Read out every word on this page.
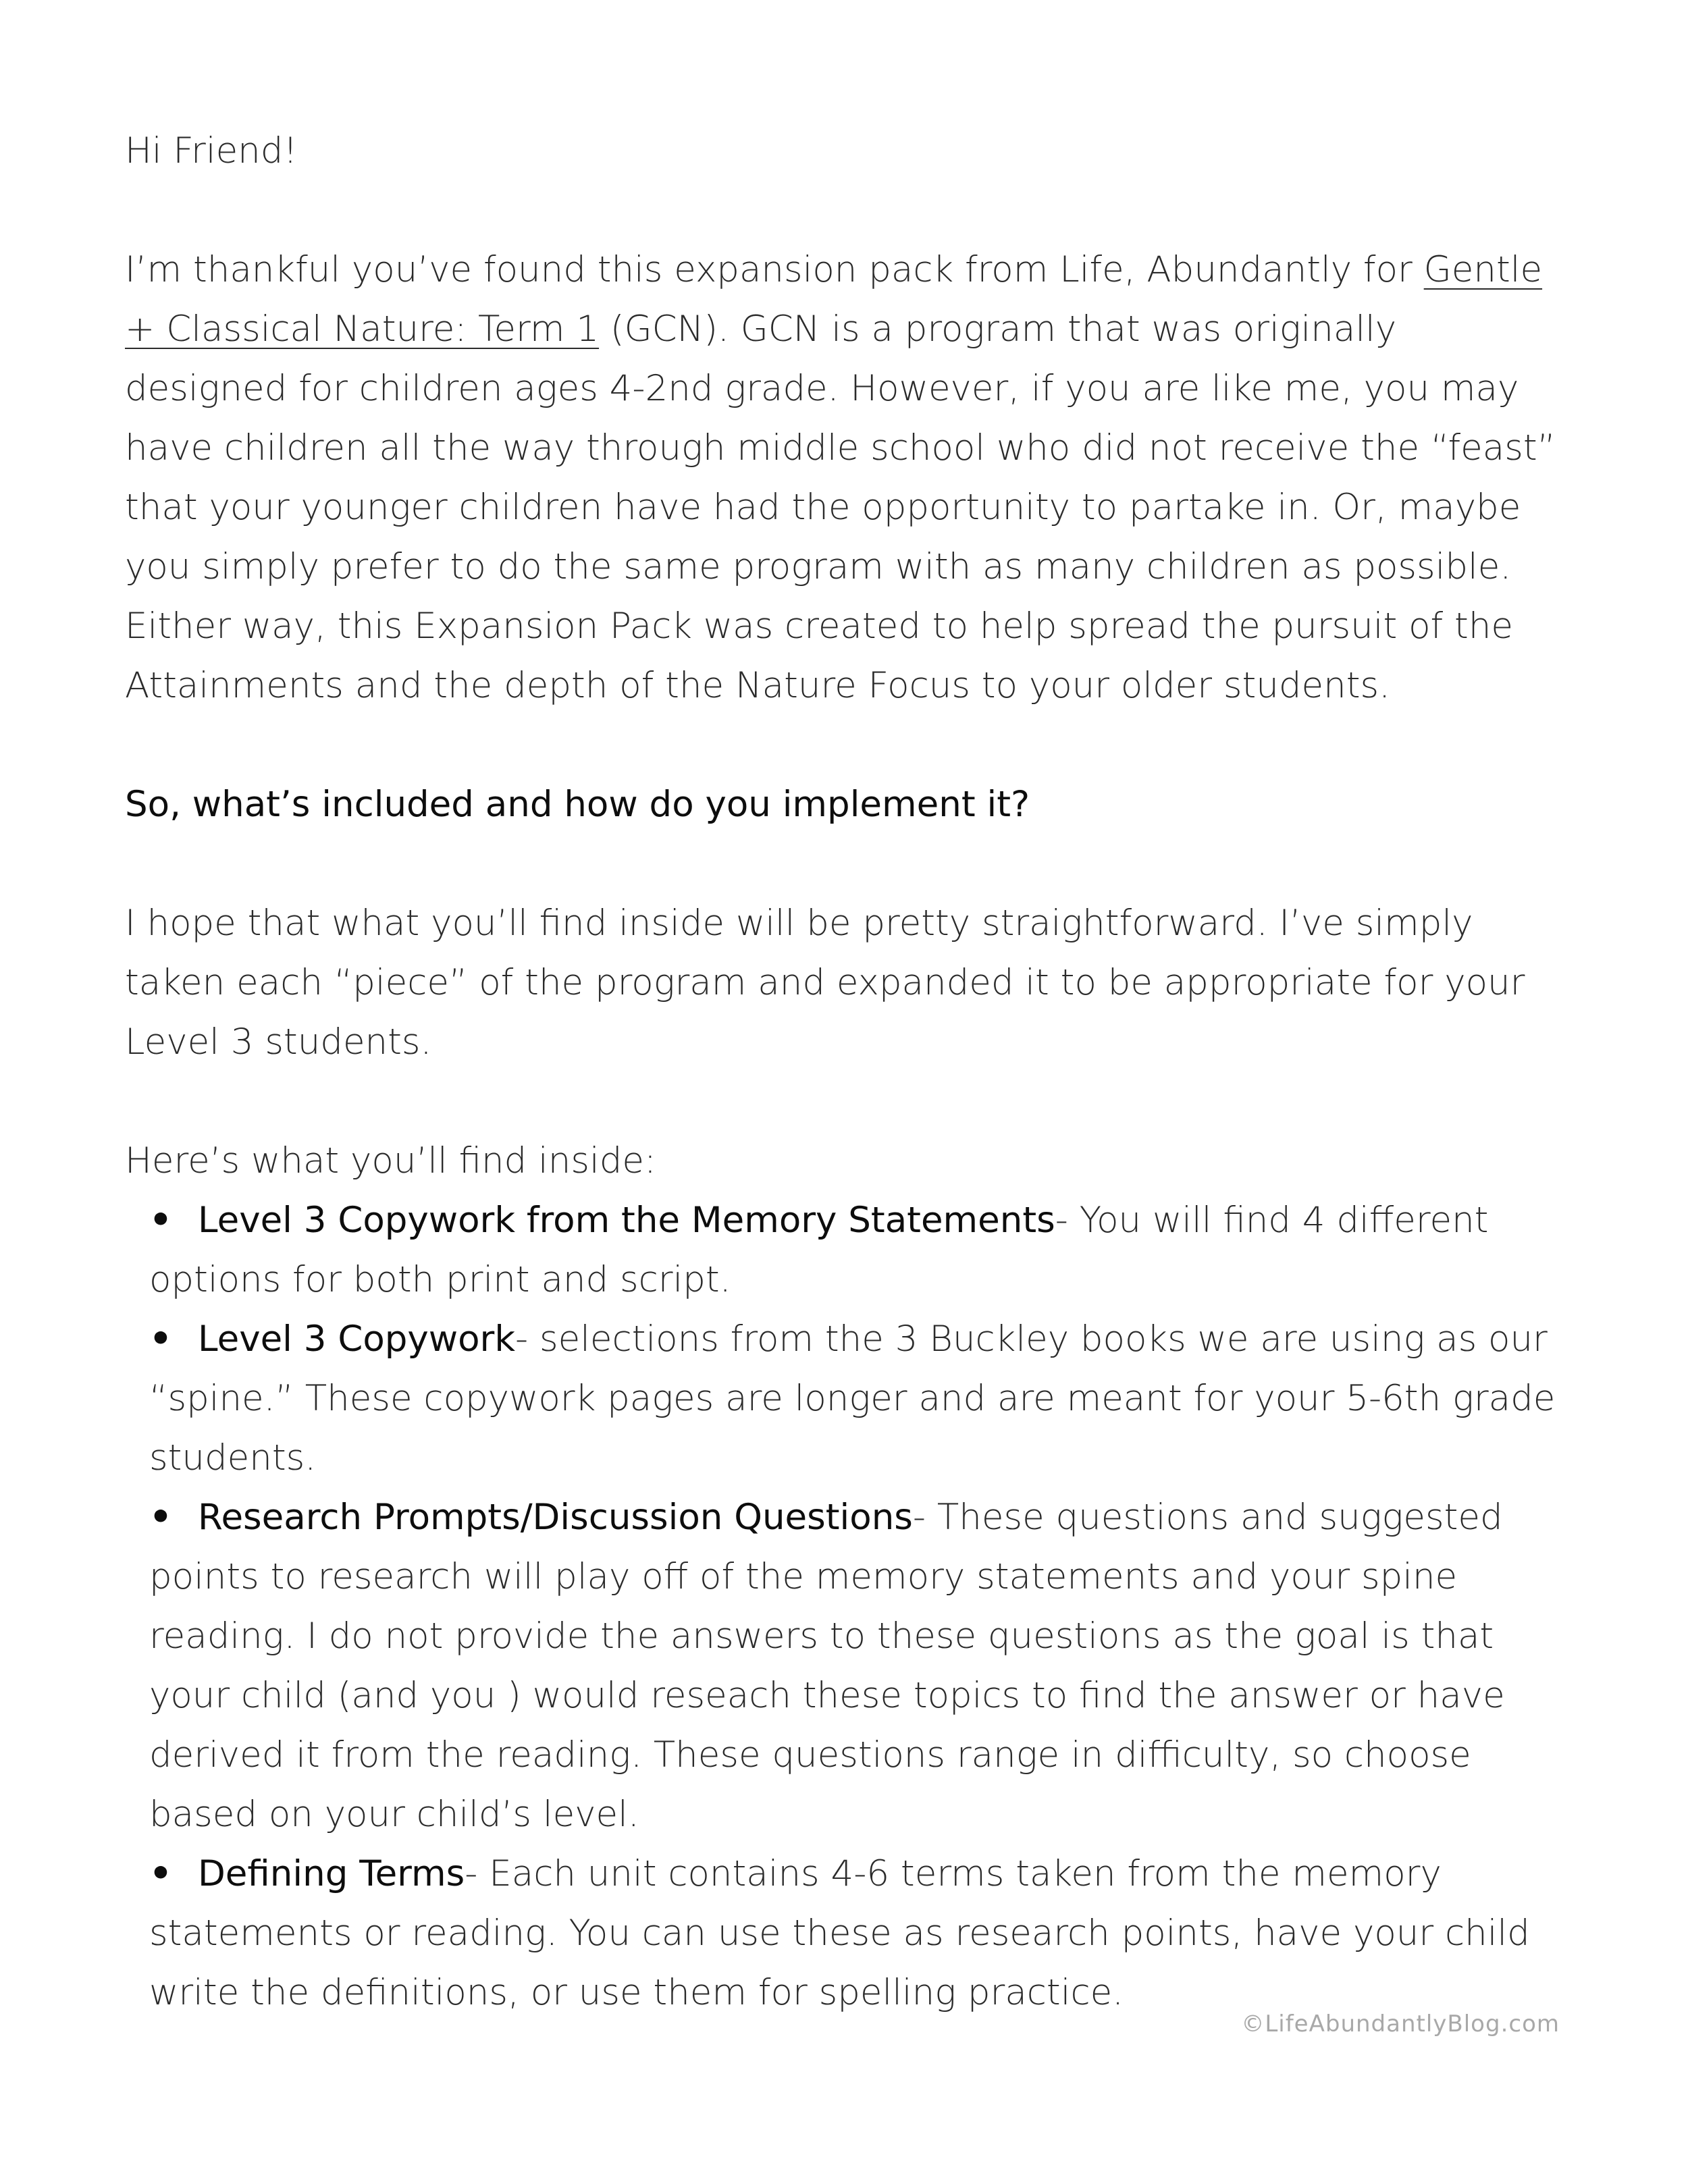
Hi Friend!

I’m thankful you’ve found this expansion pack from Life, Abundantly for Gentle + Classical Nature: Term 1 (GCN). GCN is a program that was originally designed for children ages 4-2nd grade. However, if you are like me, you may have children all the way through middle school who did not receive the “feast” that your younger children have had the opportunity to partake in. Or, maybe you simply prefer to do the same program with as many children as possible. Either way, this Expansion Pack was created to help spread the pursuit of the Attainments and the depth of the Nature Focus to your older students.

So, what’s included and how do you implement it?

I hope that what you’ll find inside will be pretty straightforward. I’ve simply taken each “piece” of the program and expanded it to be appropriate for your Level 3 students.

Here’s what you’ll find inside:

• Level 3 Copywork from the Memory Statements- You will find 4 different options for both print and script.
• Level 3 Copywork- selections from the 3 Buckley books we are using as our “spine.” These copywork pages are longer and are meant for your 5-6th grade students.
• Research Prompts/Discussion Questions- These questions and suggested points to research will play off of the memory statements and your spine reading. I do not provide the answers to these questions as the goal is that your child (and you ) would reseach these topics to find the answer or have derived it from the reading. These questions range in difficulty, so choose based on your child’s level.
• Defining Terms- Each unit contains 4-6 terms taken from the memory statements or reading. You can use these as research points, have your child write the definitions, or use them for spelling practice.
©LifeAbundantlyBlog.com
